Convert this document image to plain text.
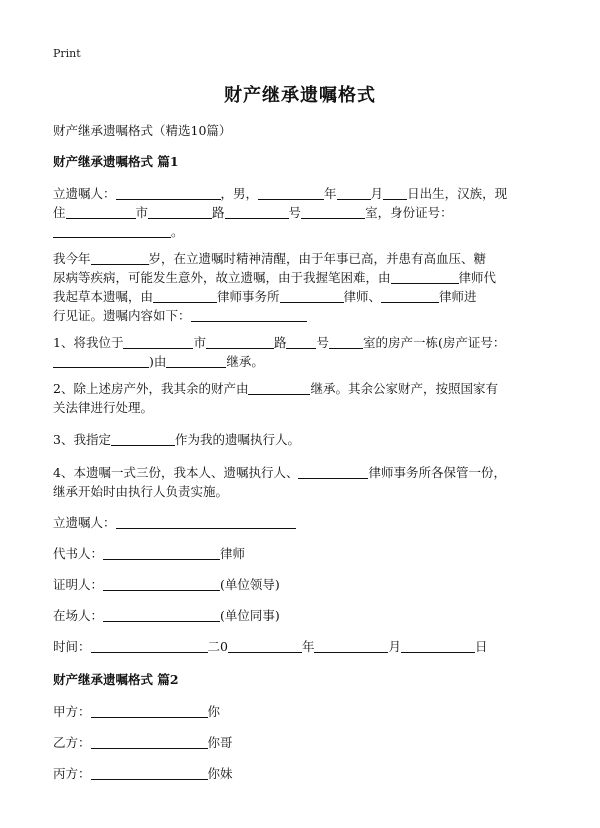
Print
财产继承遗嘱格式
财产继承遗嘱格式（精选10篇）
财产继承遗嘱格式 篇1
立遗嘱人：	，男，	年	月 日出生，汉族，现
住	市	路	号	室，身份证号：
。
我今年	岁，在立遗嘱时精神清醒，由于年事已高，并患有高血压、糖
尿病等疾病，可能发生意外，故立遗嘱，由于我握笔困难，由	律师代
我起草本遗嘱，由	律师事务所	律师、	律师进
行见证。遗嘱内容如下：
1、将我位于	市	路 号	室的房产一栋(房产证号：
)由	继承。
2、除上述房产外，我其余的财产由	继承。其余公家财产，按照国家有
关法律进行处理。
3、我指定	作为我的遗嘱执行人。
4、本遗嘱一式三份，我本人、遗嘱执行人、	律师事务所各保管一份，
继承开始时由执行人负责实施。
立遗嘱人：
代书人：	律师
证明人：	(单位领导)
在场人：	(单位同事)
时间：	二0	年	月	日
财产继承遗嘱格式 篇2
甲方：	你
乙方：	你哥
丙方：	你妹
